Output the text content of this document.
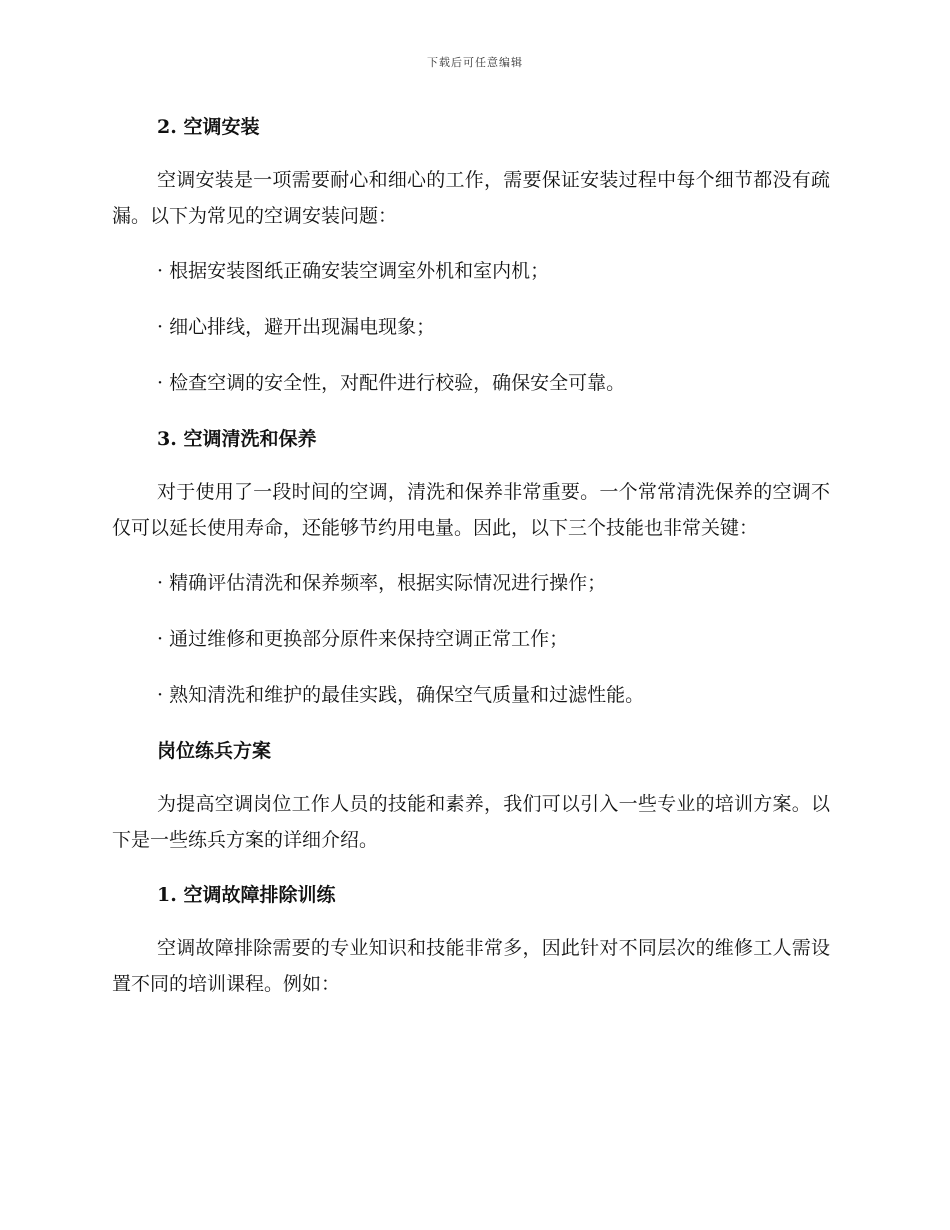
下载后可任意编辑

2. 空调安装

空调安装是一项需要耐心和细心的工作，需要保证安装过程中每个细节都没有疏漏。以下为常见的空调安装问题：

· 根据安装图纸正确安装空调室外机和室内机；

· 细心排线，避开出现漏电现象；

· 检查空调的安全性，对配件进行校验，确保安全可靠。

3. 空调清洗和保养

对于使用了一段时间的空调，清洗和保养非常重要。一个常常清洗保养的空调不仅可以延长使用寿命，还能够节约用电量。因此，以下三个技能也非常关键：

· 精确评估清洗和保养频率，根据实际情况进行操作；

· 通过维修和更换部分原件来保持空调正常工作；

· 熟知清洗和维护的最佳实践，确保空气质量和过滤性能。

岗位练兵方案

为提高空调岗位工作人员的技能和素养，我们可以引入一些专业的培训方案。以下是一些练兵方案的详细介绍。

1. 空调故障排除训练

空调故障排除需要的专业知识和技能非常多，因此针对不同层次的维修工人需设置不同的培训课程。例如：
